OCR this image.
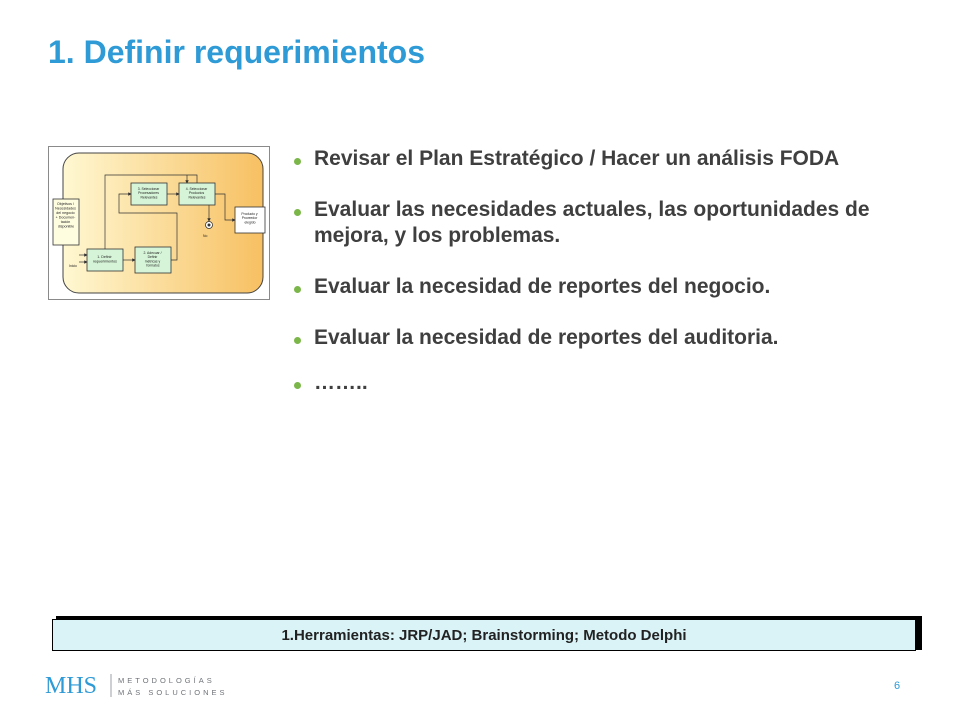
1. Definir requerimientos
Objetivos / Necesidades del negocio + Documen- tación disponible
1. Definir requerimientos
2. Adecuar / Definir métricas y formatos
3. Seleccionar Procesadores Relevantes
4. Seleccionar Productos Relevantes
Producto y Proveedor elegido
No
Inicio
Revisar el Plan Estratégico / Hacer un análisis FODA
Evaluar las necesidades actuales, las oportunidades de mejora, y los problemas.
Evaluar la necesidad de reportes del negocio.
Evaluar la necesidad de reportes del auditoria.
……..
1.Herramientas: JRP/JAD; Brainstorming; Metodo Delphi
MHS	METODOLOGÍAS
MÁS SOLUCIONES
6
